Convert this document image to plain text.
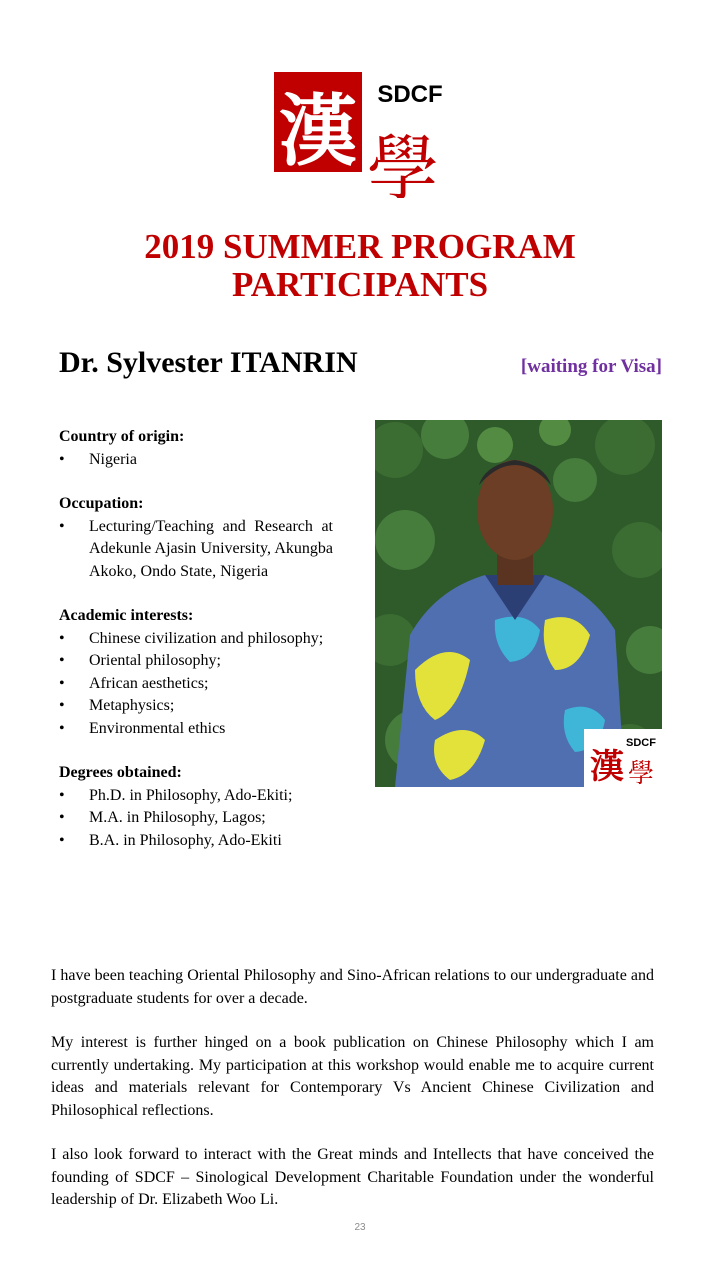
漢 學
SDCF
2019 SUMMER PROGRAM
PARTICIPANTS
Dr. Sylvester ITANRIN	[waiting for Visa]
Country of origin:
• Nigeria
Occupation:
• Lecturing/Teaching and Research at Adekunle Ajasin University, Akungba Akoko, Ondo State, Nigeria
Academic interests:
• Chinese civilization and philosophy;
• Oriental philosophy;
• African aesthetics;
• Metaphysics;
• Environmental ethics
Degrees obtained:
• Ph.D. in Philosophy, Ado-Ekiti;
• M.A. in Philosophy, Lagos;
• B.A. in Philosophy, Ado-Ekiti
漢 學
SDCF

I have been teaching Oriental Philosophy and Sino-African relations to our undergraduate and postgraduate students for over a decade.

My interest is further hinged on a book publication on Chinese Philosophy which I am currently undertaking. My participation at this workshop would enable me to acquire current ideas and materials relevant for Contemporary Vs Ancient Chinese Civilization and Philosophical reflections.

I also look forward to interact with the Great minds and Intellects that have conceived the founding of SDCF – Sinological Development Charitable Foundation under the wonderful leadership of Dr. Elizabeth Woo Li.

23
